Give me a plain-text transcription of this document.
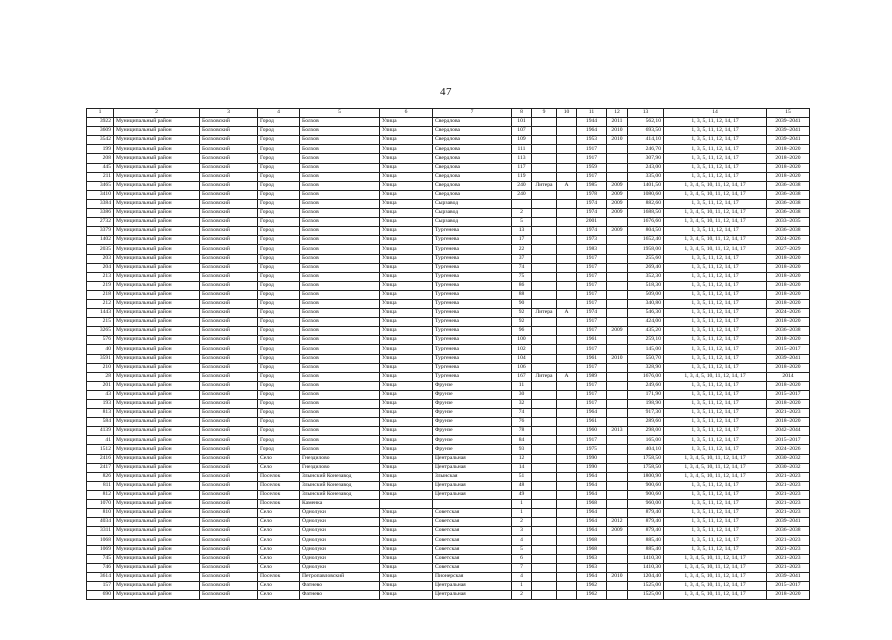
47
1	2	3	4	5	6	7	8	9	10	11	12	13	14	15
3922	Муниципальный район	Болховский	Город	Болхов	Улица	Свердлова	101			1944	2011	562,10	1, 3, 5, 11, 12, 14, 17	2039–2041
3609	Муниципальный район	Болховский	Город	Болхов	Улица	Свердлова	107			1964	2010	693,50	1, 3, 5, 11, 12, 14, 17	2039–2041
3542	Муниципальный район	Болховский	Город	Болхов	Улица	Свердлова	109			1953	2010	414,10	1, 3, 5, 11, 12, 14, 17	2039–2041
199	Муниципальный район	Болховский	Город	Болхов	Улица	Свердлова	111			1917		246,70	1, 3, 5, 11, 12, 14, 17	2018–2020
208	Муниципальный район	Болховский	Город	Болхов	Улица	Свердлова	113			1917		307,90	1, 3, 5, 11, 12, 14, 17	2018–2020
445	Муниципальный район	Болховский	Город	Болхов	Улица	Свердлова	117			1959		243,00	1, 3, 5, 11, 12, 14, 17	2018–2020
211	Муниципальный район	Болховский	Город	Болхов	Улица	Свердлова	119			1917		335,00	1, 3, 5, 11, 12, 14, 17	2018–2020
3465	Муниципальный район	Болховский	Город	Болхов	Улица	Свердлова	240	Литера	А	1985	2009	1401,50	1, 3, 4, 5, 10, 11, 12, 14, 17	2036–2038
3410	Муниципальный район	Болховский	Город	Болхов	Улица	Свердлова	240			1978	2009	1080,60	1, 3, 4, 5, 10, 11, 12, 14, 17	2036–2038
3384	Муниципальный район	Болховский	Город	Болхов	Улица	Сырзавод				1974	2009	882,60	1, 3, 5, 11, 12, 14, 17	2036–2038
3386	Муниципальный район	Болховский	Город	Болхов	Улица	Сырзавод	2			1974	2009	1688,50	1, 3, 4, 5, 10, 11, 12, 14, 17	2036–2038
2732	Муниципальный район	Болховский	Город	Болхов	Улица	Сырзавод	5			2001		1676,60	1, 3, 4, 5, 10, 11, 12, 14, 17	2033–2035
3379	Муниципальный район	Болховский	Город	Болхов	Улица	Тургенева	13			1974	2009	804,50	1, 3, 5, 11, 12, 14, 17	2036–2038
1402	Муниципальный район	Болховский	Город	Болхов	Улица	Тургенева	17			1973		1652,40	1, 3, 4, 5, 10, 11, 12, 14, 17	2024–2026
2035	Муниципальный район	Болховский	Город	Болхов	Улица	Тургенева	22			1983		1958,00	1, 3, 4, 5, 10, 11, 12, 14, 17	2027–2029
203	Муниципальный район	Болховский	Город	Болхов	Улица	Тургенева	37			1917		255,60	1, 3, 5, 11, 12, 14, 17	2018–2020
204	Муниципальный район	Болховский	Город	Болхов	Улица	Тургенева	74			1917		269,40	1, 3, 5, 11, 12, 14, 17	2018–2020
213	Муниципальный район	Болховский	Город	Болхов	Улица	Тургенева	75			1917		352,30	1, 3, 5, 11, 12, 14, 17	2018–2020
219	Муниципальный район	Болховский	Город	Болхов	Улица	Тургенева	86			1917		518,30	1, 3, 5, 11, 12, 14, 17	2018–2020
218	Муниципальный район	Болховский	Город	Болхов	Улица	Тургенева	88			1917		509,00	1, 3, 5, 11, 12, 14, 17	2018–2020
212	Муниципальный район	Болховский	Город	Болхов	Улица	Тургенева	90			1917		340,80	1, 3, 5, 11, 12, 14, 17	2018–2020
1443	Муниципальный район	Болховский	Город	Болхов	Улица	Тургенева	92	Литера	А	1974		546,30	1, 3, 5, 11, 12, 14, 17	2024–2026
215	Муниципальный район	Болховский	Город	Болхов	Улица	Тургенева	92			1917		424,00	1, 3, 5, 11, 12, 14, 17	2018–2020
3265	Муниципальный район	Болховский	Город	Болхов	Улица	Тургенева	96			1917	2009	435,20	1, 3, 5, 11, 12, 14, 17	2036–2038
576	Муниципальный район	Болховский	Город	Болхов	Улица	Тургенева	100			1961		259,10	1, 3, 5, 11, 12, 14, 17	2018–2020
40	Муниципальный район	Болховский	Город	Болхов	Улица	Тургенева	102			1917		145,00	1, 3, 5, 11, 12, 14, 17	2015–2017
3591	Муниципальный район	Болховский	Город	Болхов	Улица	Тургенева	104			1961	2010	550,70	1, 3, 5, 11, 12, 14, 17	2039–2041
210	Муниципальный район	Болховский	Город	Болхов	Улица	Тургенева	106			1917		328,90	1, 3, 5, 11, 12, 14, 17	2018–2020
28	Муниципальный район	Болховский	Город	Болхов	Улица	Тургенева	167	Литера	А	1989		1676,00	1, 3, 4, 5, 10, 11, 12, 14, 17	2014
201	Муниципальный район	Болховский	Город	Болхов	Улица	Фрунзе	11			1917		249,60	1, 3, 5, 11, 12, 14, 17	2018–2020
43	Муниципальный район	Болховский	Город	Болхов	Улица	Фрунзе	30			1917		171,90	1, 3, 5, 11, 12, 14, 17	2015–2017
193	Муниципальный район	Болховский	Город	Болхов	Улица	Фрунзе	32			1917		198,90	1, 3, 5, 11, 12, 14, 17	2018–2020
813	Муниципальный район	Болховский	Город	Болхов	Улица	Фрунзе	74			1964		917,30	1, 3, 5, 11, 12, 14, 17	2021–2023
584	Муниципальный район	Болховский	Город	Болхов	Улица	Фрунзе	76			1961		289,60	1, 3, 5, 11, 12, 14, 17	2018–2020
4139	Муниципальный район	Болховский	Город	Болхов	Улица	Фрунзе	78			1960	2013	298,00	1, 3, 5, 11, 12, 14, 17	2042–2044
41	Муниципальный район	Болховский	Город	Болхов	Улица	Фрунзе	84			1917		165,00	1, 3, 5, 11, 12, 14, 17	2015–2017
1512	Муниципальный район	Болховский	Город	Болхов	Улица	Фрунзе	93			1975		404,10	1, 3, 5, 11, 12, 14, 17	2024–2026
2416	Муниципальный район	Болховский	Село	Гнездилово	Улица	Центральная	12			1990		1758,50	1, 3, 4, 5, 10, 11, 12, 14, 17	2030–2032
2417	Муниципальный район	Болховский	Село	Гнездилово	Улица	Центральная	14			1990		1758,50	1, 3, 4, 5, 10, 11, 12, 14, 17	2030–2032
826	Муниципальный район	Болховский	Поселок	Злынский Конезавод	Улица	Злынская	51			1964		1800,90	1, 3, 4, 5, 10, 11, 12, 14, 17	2021–2023
811	Муниципальный район	Болховский	Поселок	Злынский Конезавод	Улица	Центральная	48			1964		900,60	1, 3, 5, 11, 12, 14, 17	2021–2023
812	Муниципальный район	Болховский	Поселок	Злынский Конезавод	Улица	Центральная	49			1964		900,60	1, 3, 5, 11, 12, 14, 17	2021–2023
1070	Муниципальный район	Болховский	Поселок	Каменка			1			1968		960,00	1, 3, 5, 11, 12, 14, 17	2021–2023
810	Муниципальный район	Болховский	Село	Однолуки	Улица	Советская	1			1964		879,40	1, 3, 5, 11, 12, 14, 17	2021–2023
4034	Муниципальный район	Болховский	Село	Однолуки	Улица	Советская	2			1964	2012	879,40	1, 3, 5, 11, 12, 14, 17	2039–2041
3311	Муниципальный район	Болховский	Село	Однолуки	Улица	Советская	3			1964	2009	879,40	1, 3, 5, 11, 12, 14, 17	2036–2038
1068	Муниципальный район	Болховский	Село	Однолуки	Улица	Советская	4			1968		885,40	1, 3, 5, 11, 12, 14, 17	2021–2023
1069	Муниципальный район	Болховский	Село	Однолуки	Улица	Советская	5			1968		885,40	1, 3, 5, 11, 12, 14, 17	2021–2023
745	Муниципальный район	Болховский	Село	Однолуки	Улица	Советская	6			1963		1410,30	1, 3, 4, 5, 10, 11, 12, 14, 17	2021–2023
746	Муниципальный район	Болховский	Село	Однолуки	Улица	Советская	7			1963		1410,30	1, 3, 4, 5, 10, 11, 12, 14, 17	2021–2023
3614	Муниципальный район	Болховский	Поселок	Петропавловский	Улица	Пионерская	4			1964	2010	1204,40	1, 3, 4, 5, 10, 11, 12, 14, 17	2039–2041
157	Муниципальный район	Болховский	Село	Фатнево	Улица	Центральная	1			1962		1525,00	1, 3, 4, 5, 10, 11, 12, 14, 17	2015–2017
690	Муниципальный район	Болховский	Село	Фатнево	Улица	Центральная	2			1962		1525,00	1, 3, 4, 5, 10, 11, 12, 14, 17	2018–2020
